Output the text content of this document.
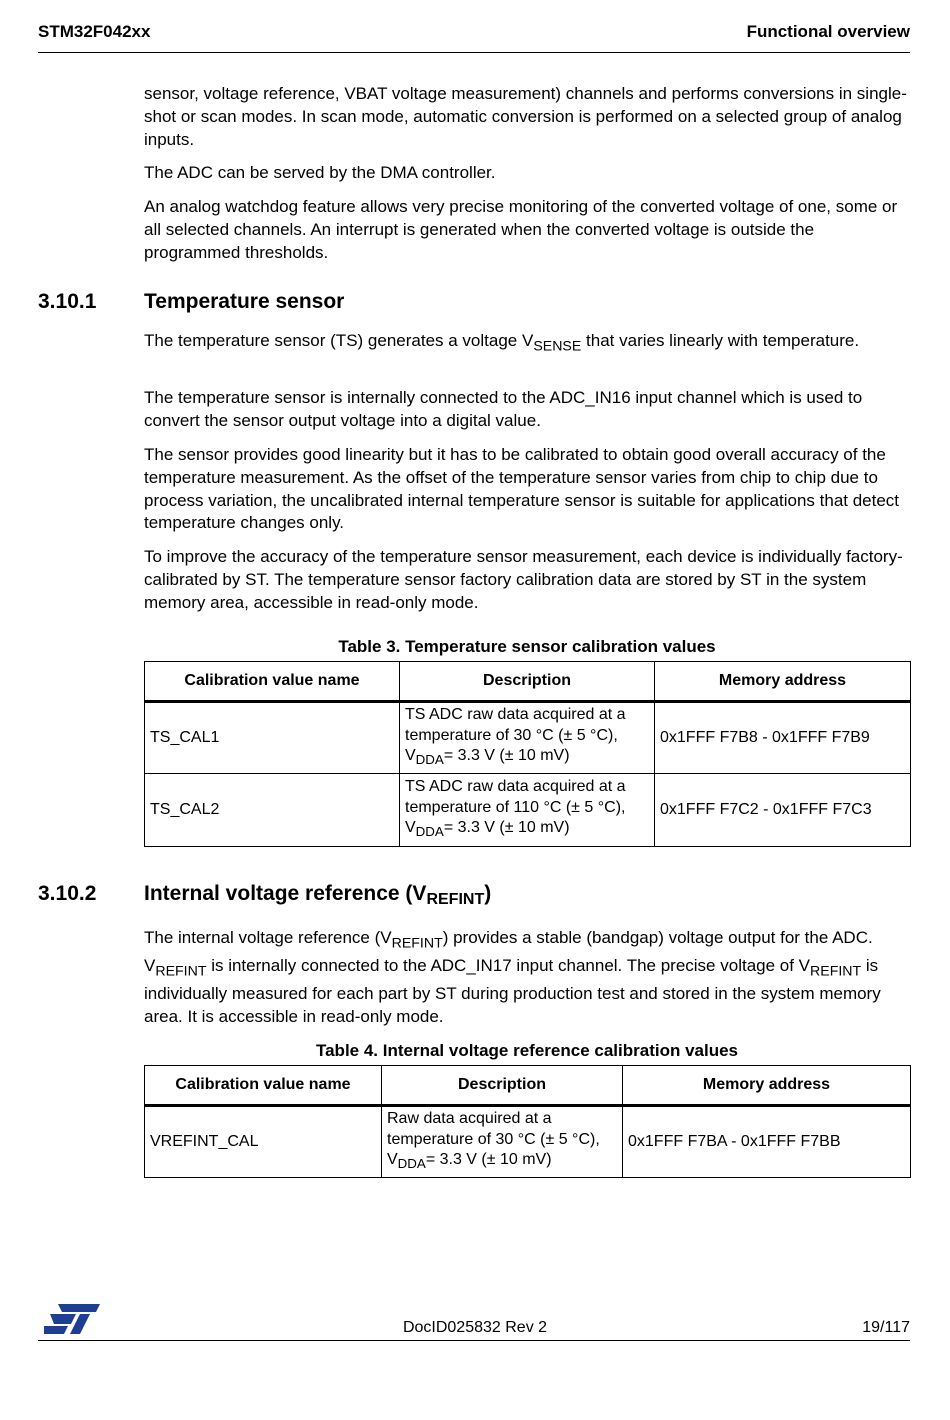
STM32F042xx	Functional overview

sensor, voltage reference, VBAT voltage measurement) channels and performs conversions in single-shot or scan modes. In scan mode, automatic conversion is performed on a selected group of analog inputs.

The ADC can be served by the DMA controller.

An analog watchdog feature allows very precise monitoring of the converted voltage of one, some or all selected channels. An interrupt is generated when the converted voltage is outside the programmed thresholds.

3.10.1 Temperature sensor

The temperature sensor (TS) generates a voltage $V_{SENSE}$ that varies linearly with temperature.

The temperature sensor is internally connected to the ADC_IN16 input channel which is used to convert the sensor output voltage into a digital value.

The sensor provides good linearity but it has to be calibrated to obtain good overall accuracy of the temperature measurement. As the offset of the temperature sensor varies from chip to chip due to process variation, the uncalibrated internal temperature sensor is suitable for applications that detect temperature changes only.

To improve the accuracy of the temperature sensor measurement, each device is individually factory-calibrated by ST. The temperature sensor factory calibration data are stored by ST in the system memory area, accessible in read-only mode.

Table 3. Temperature sensor calibration values
Calibration value name	Description	Memory address
TS_CAL1	TS ADC raw data acquired at a
temperature of 30 °C (± 5 °C),
$V_{DDA}= 3.3$ V (± 10 mV)	0x1FFF F7B8 - 0x1FFF F7B9
TS_CAL2	TS ADC raw data acquired at a
temperature of 110 °C (± 5 °C),
$V_{DDA}= 3.3$ V (± 10 mV)	0x1FFF F7C2 - 0x1FFF F7C3
3.10.2 Internal voltage reference $(V_{REFINT})$

The internal voltage reference $(V_{REFINT})$ provides a stable (bandgap) voltage output for the ADC. $V_{REFINT}$ is internally connected to the ADC_IN17 input channel. The precise voltage of $V_{REFINT}$ is individually measured for each part by ST during production test and stored in the system memory area. It is accessible in read-only mode.

Table 4. Internal voltage reference calibration values
Calibration value name	Description	Memory address
VREFINT_CAL	Raw data acquired at a
temperature of 30 °C (± 5 °C),
$V_{DDA}= 3.3$ V (± 10 mV)	0x1FFF F7BA - 0x1FFF F7BB
DocID025832 Rev 2	19/117
